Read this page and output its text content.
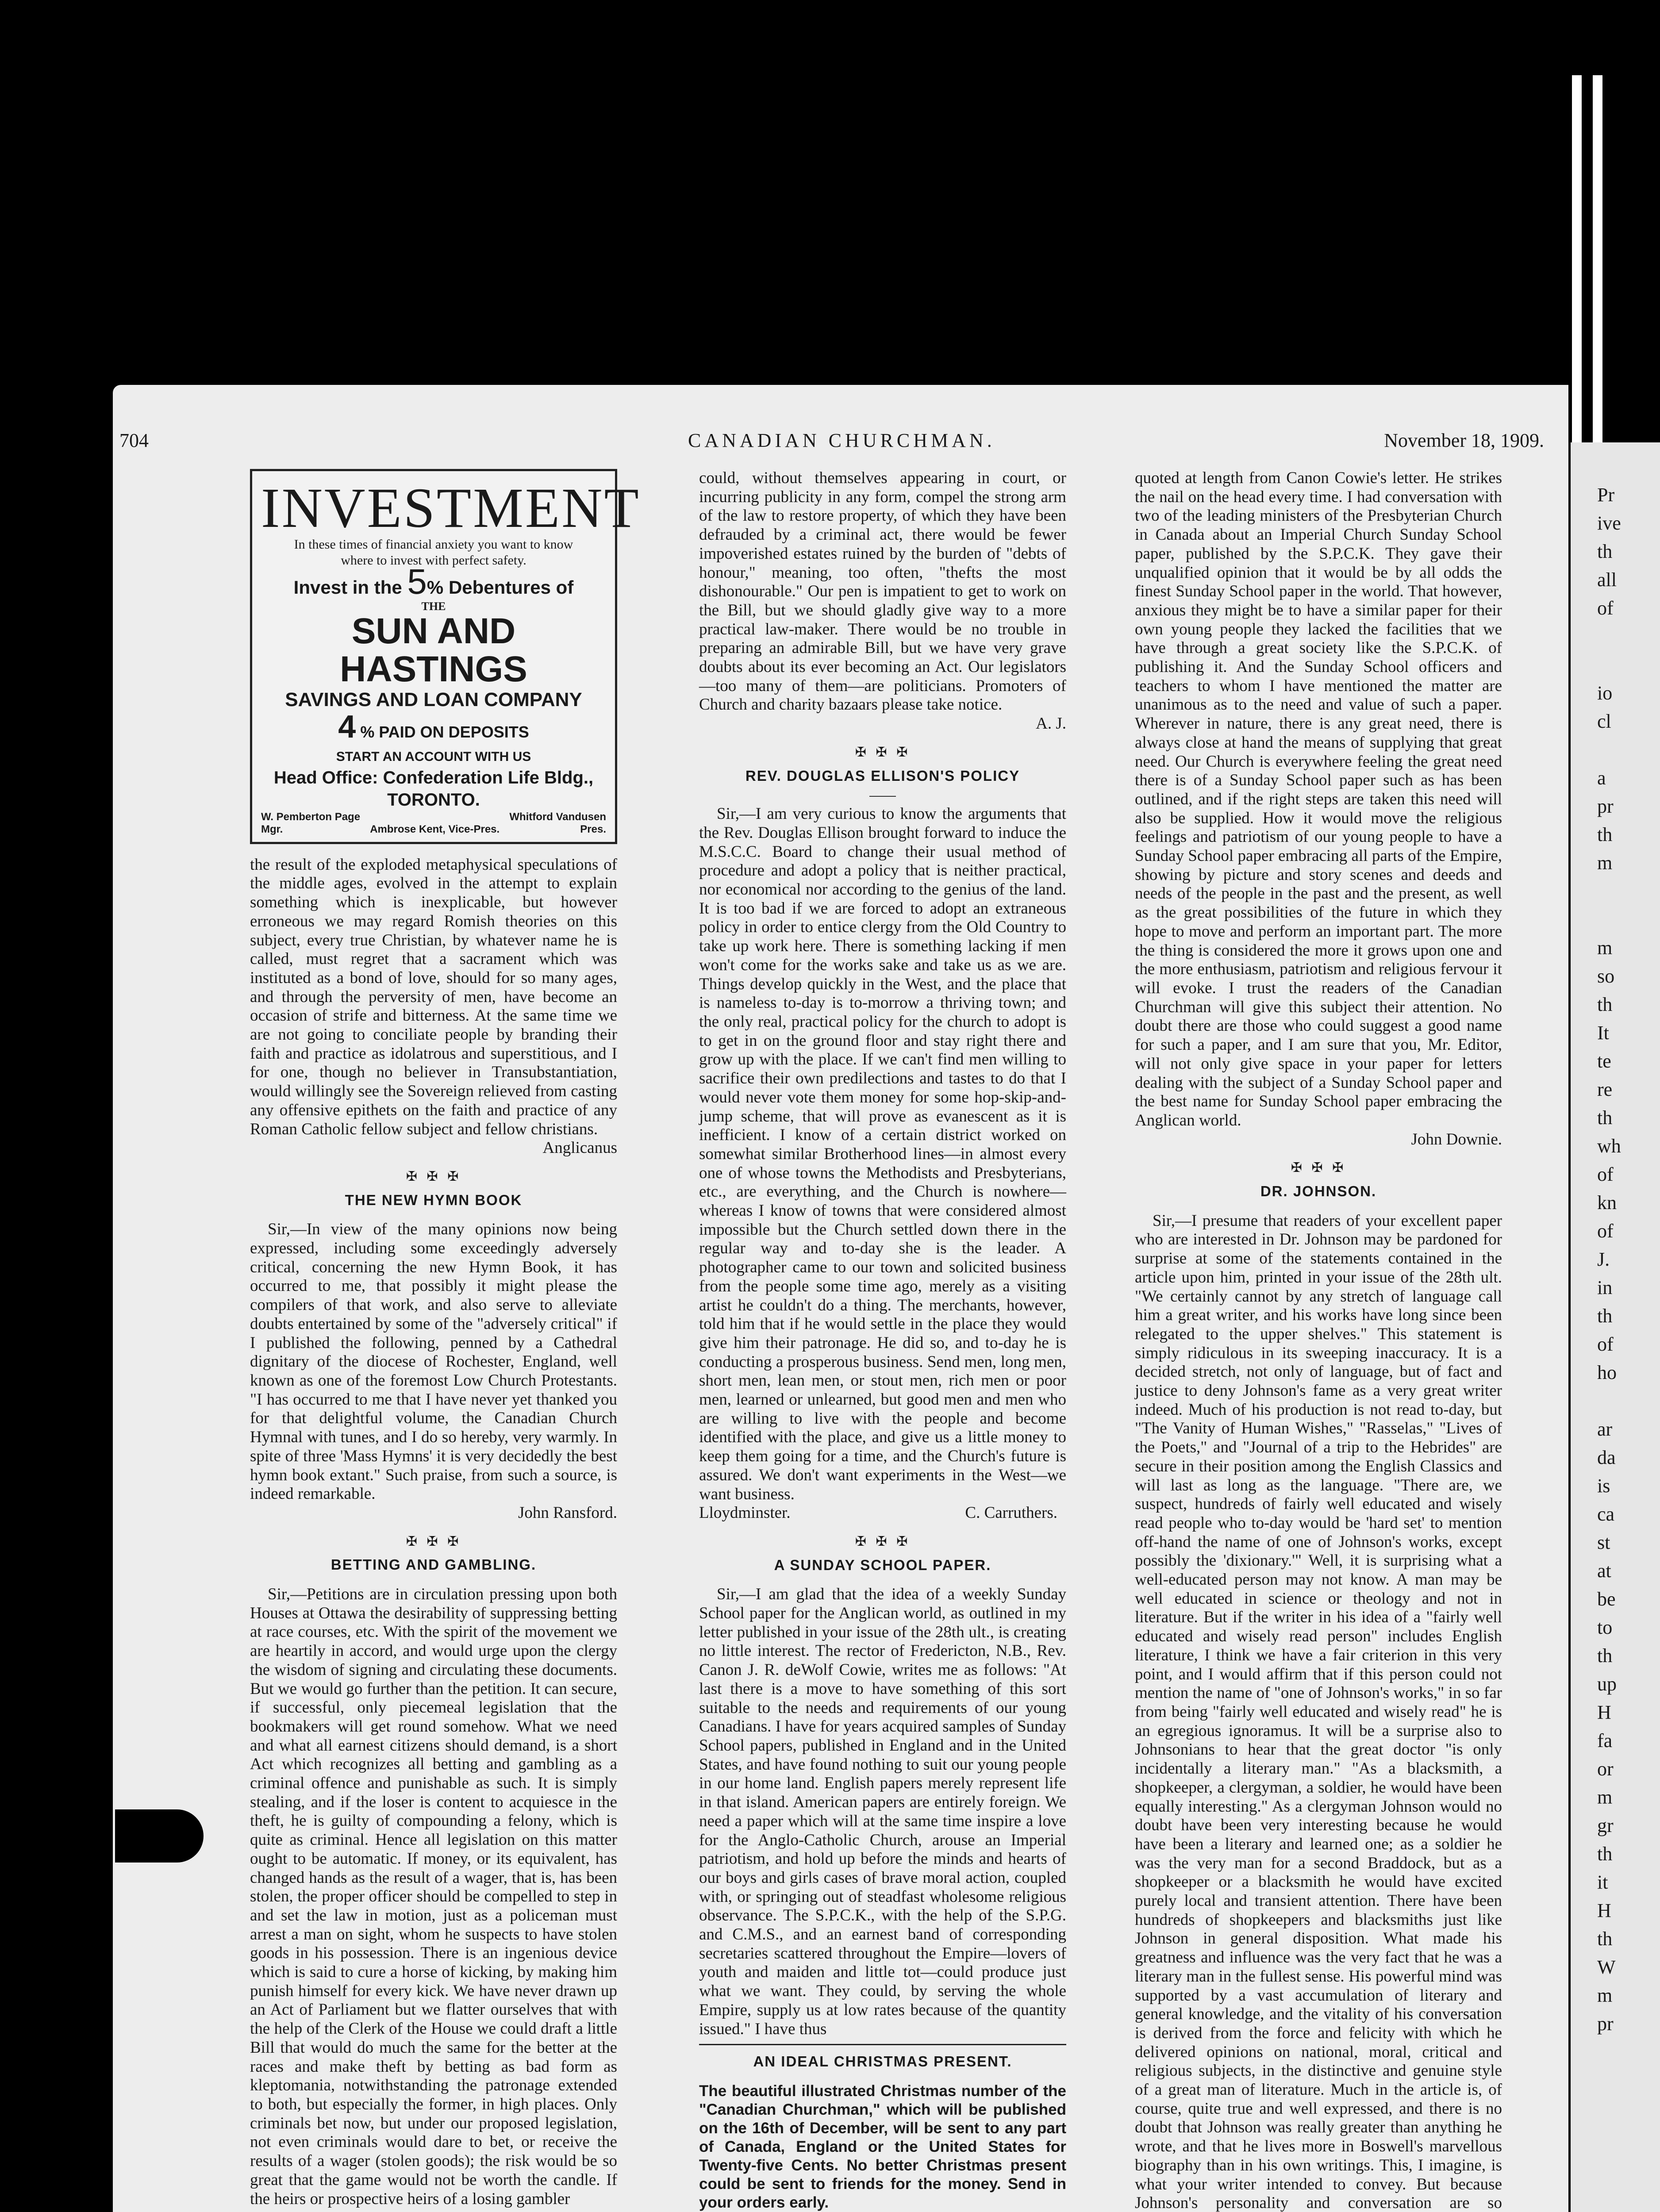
Pr
ive
th
all
of
io
cl
a
pr
th
m
m
so
th
It
te
re
th
wh
of
kn
of
J.
in
th
of
ho
ar
da
is
ca
st
at
be
to
th
up
H
fa
or
m
gr
th
it
H
th
W
m
pr
704	CANADIAN CHURCHMAN.	November 18, 1909.
INVESTMENT
In these times of financial anxiety you want to know
where to invest with perfect safety.
Invest in the 5% Debentures of
THE
SUN AND HASTINGS
SAVINGS AND LOAN COMPANY
4 % PAID ON DEPOSITS
START AN ACCOUNT WITH US
Head Office: Confederation Life Bldg., TORONTO.
W. Pemberton Page
Mgr.	Ambrose Kent, Vice-Pres.
Whitford Vandusen
Pres.

the result of the exploded metaphysical speculations of the middle ages, evolved in the attempt to explain something which is inexplicable, but however erroneous we may regard Romish theories on this subject, every true Christian, by whatever name he is called, must regret that a sacrament which was instituted as a bond of love, should for so many ages, and through the perversity of men, have become an occasion of strife and bitterness. At the same time we are not going to conciliate people by branding their faith and practice as idolatrous and superstitious, and I for one, though no believer in Transubstantiation, would willingly see the Sovereign relieved from casting any offensive epithets on the faith and practice of any Roman Catholic fellow subject and fellow christians.

Anglicanus

✠ ✠ ✠
THE NEW HYMN BOOK

Sir,—In view of the many opinions now being expressed, including some exceedingly adversely critical, concerning the new Hymn Book, it has occurred to me, that possibly it might please the compilers of that work, and also serve to alleviate doubts entertained by some of the "adversely critical" if I published the following, penned by a Cathedral dignitary of the diocese of Rochester, England, well known as one of the foremost Low Church Protestants. "I has occurred to me that I have never yet thanked you for that delightful volume, the Canadian Church Hymnal with tunes, and I do so hereby, very warmly. In spite of three 'Mass Hymns' it is very decidedly the best hymn book extant." Such praise, from such a source, is indeed remarkable.

John Ransford.

✠ ✠ ✠
BETTING AND GAMBLING.

Sir,—Petitions are in circulation pressing upon both Houses at Ottawa the desirability of suppressing betting at race courses, etc. With the spirit of the movement we are heartily in accord, and would urge upon the clergy the wisdom of signing and circulating these documents. But we would go further than the petition. It can secure, if successful, only piecemeal legislation that the bookmakers will get round somehow. What we need and what all earnest citizens should demand, is a short Act which recognizes all betting and gambling as a criminal offence and punishable as such. It is simply stealing, and if the loser is content to acquiesce in the theft, he is guilty of compounding a felony, which is quite as criminal. Hence all legislation on this matter ought to be automatic. If money, or its equivalent, has changed hands as the result of a wager, that is, has been stolen, the proper officer should be compelled to step in and set the law in motion, just as a policeman must arrest a man on sight, whom he suspects to have stolen goods in his possession. There is an ingenious device which is said to cure a horse of kicking, by making him punish himself for every kick. We have never drawn up an Act of Parliament but we flatter ourselves that with the help of the Clerk of the House we could draft a little Bill that would do much the same for the better at the races and make theft by betting as bad form as kleptomania, notwithstanding the patronage extended to both, but especially the former, in high places. Only criminals bet now, but under our proposed legislation, not even criminals would dare to bet, or receive the results of a wager (stolen goods); the risk would be so great that the game would not be worth the candle. If the heirs or prospective heirs of a losing gambler

could, without themselves appearing in court, or incurring publicity in any form, compel the strong arm of the law to restore property, of which they have been defrauded by a criminal act, there would be fewer impoverished estates ruined by the burden of "debts of honour," meaning, too often, "thefts the most dishonourable." Our pen is impatient to get to work on the Bill, but we should gladly give way to a more practical law-maker. There would be no trouble in preparing an admirable Bill, but we have very grave doubts about its ever becoming an Act. Our legislators—too many of them—are politicians. Promoters of Church and charity bazaars please take notice.

A. J.

✠ ✠ ✠
REV. DOUGLAS ELLISON'S POLICY

Sir,—I am very curious to know the arguments that the Rev. Douglas Ellison brought forward to induce the M.S.C.C. Board to change their usual method of procedure and adopt a policy that is neither practical, nor economical nor according to the genius of the land. It is too bad if we are forced to adopt an extraneous policy in order to entice clergy from the Old Country to take up work here. There is something lacking if men won't come for the works sake and take us as we are. Things develop quickly in the West, and the place that is nameless to-day is to-morrow a thriving town; and the only real, practical policy for the church to adopt is to get in on the ground floor and stay right there and grow up with the place. If we can't find men willing to sacrifice their own predilections and tastes to do that I would never vote them money for some hop-skip-and-jump scheme, that will prove as evanescent as it is inefficient. I know of a certain district worked on somewhat similar Brotherhood lines—in almost every one of whose towns the Methodists and Presbyterians, etc., are everything, and the Church is nowhere—whereas I know of towns that were considered almost impossible but the Church settled down there in the regular way and to-day she is the leader. A photographer came to our town and solicited business from the people some time ago, merely as a visiting artist he couldn't do a thing. The merchants, however, told him that if he would settle in the place they would give him their patronage. He did so, and to-day he is conducting a prosperous business. Send men, long men, short men, lean men, or stout men, rich men or poor men, learned or unlearned, but good men and men who are willing to live with the people and become identified with the place, and give us a little money to keep them going for a time, and the Church's future is assured. We don't want experiments in the West—we want business.

Lloydminster.	C. Carruthers.
✠ ✠ ✠
A SUNDAY SCHOOL PAPER.

Sir,—I am glad that the idea of a weekly Sunday School paper for the Anglican world, as outlined in my letter published in your issue of the 28th ult., is creating no little interest. The rector of Fredericton, N.B., Rev. Canon J. R. deWolf Cowie, writes me as follows: "At last there is a move to have something of this sort suitable to the needs and requirements of our young Canadians. I have for years acquired samples of Sunday School papers, published in England and in the United States, and have found nothing to suit our young people in our home land. English papers merely represent life in that island. American papers are entirely foreign. We need a paper which will at the same time inspire a love for the Anglo-Catholic Church, arouse an Imperial patriotism, and hold up before the minds and hearts of our boys and girls cases of brave moral action, coupled with, or springing out of steadfast wholesome religious observance. The S.P.C.K., with the help of the S.P.G. and C.M.S., and an earnest band of corresponding secretaries scattered throughout the Empire—lovers of youth and maiden and little tot—could produce just what we want. They could, by serving the whole Empire, supply us at low rates because of the quantity issued." I have thus

AN IDEAL CHRISTMAS PRESENT.
The beautiful illustrated Christmas number of the "Canadian Churchman," which will be published on the 16th of December, will be sent to any part of Canada, England or the United States for Twenty-five Cents. No better Christmas present could be sent to friends for the money. Send in your orders early.

quoted at length from Canon Cowie's letter. He strikes the nail on the head every time. I had conversation with two of the leading ministers of the Presbyterian Church in Canada about an Imperial Church Sunday School paper, published by the S.P.C.K. They gave their unqualified opinion that it would be by all odds the finest Sunday School paper in the world. That however, anxious they might be to have a similar paper for their own young people they lacked the facilities that we have through a great society like the S.P.C.K. of publishing it. And the Sunday School officers and teachers to whom I have mentioned the matter are unanimous as to the need and value of such a paper. Wherever in nature, there is any great need, there is always close at hand the means of supplying that great need. Our Church is everywhere feeling the great need there is of a Sunday School paper such as has been outlined, and if the right steps are taken this need will also be supplied. How it would move the religious feelings and patriotism of our young people to have a Sunday School paper embracing all parts of the Empire, showing by picture and story scenes and deeds and needs of the people in the past and the present, as well as the great possibilities of the future in which they hope to move and perform an important part. The more the thing is considered the more it grows upon one and the more enthusiasm, patriotism and religious fervour it will evoke. I trust the readers of the Canadian Churchman will give this subject their attention. No doubt there are those who could suggest a good name for such a paper, and I am sure that you, Mr. Editor, will not only give space in your paper for letters dealing with the subject of a Sunday School paper and the best name for Sunday School paper embracing the Anglican world.

John Downie.

✠ ✠ ✠
DR. JOHNSON.

Sir,—I presume that readers of your excellent paper who are interested in Dr. Johnson may be pardoned for surprise at some of the statements contained in the article upon him, printed in your issue of the 28th ult. "We certainly cannot by any stretch of language call him a great writer, and his works have long since been relegated to the upper shelves." This statement is simply ridiculous in its sweeping inaccuracy. It is a decided stretch, not only of language, but of fact and justice to deny Johnson's fame as a very great writer indeed. Much of his production is not read to-day, but "The Vanity of Human Wishes," "Rasselas," "Lives of the Poets," and "Journal of a trip to the Hebrides" are secure in their position among the English Classics and will last as long as the language. "There are, we suspect, hundreds of fairly well educated and wisely read people who to-day would be 'hard set' to mention off-hand the name of one of Johnson's works, except possibly the 'dixionary.'" Well, it is surprising what a well-educated person may not know. A man may be well educated in science or theology and not in literature. But if the writer in his idea of a "fairly well educated and wisely read person" includes English literature, I think we have a fair criterion in this very point, and I would affirm that if this person could not mention the name of "one of Johnson's works," in so far from being "fairly well educated and wisely read" he is an egregious ignoramus. It will be a surprise also to Johnsonians to hear that the great doctor "is only incidentally a literary man." "As a blacksmith, a shopkeeper, a clergyman, a soldier, he would have been equally interesting." As a clergyman Johnson would no doubt have been very interesting because he would have been a literary and learned one; as a soldier he was the very man for a second Braddock, but as a shopkeeper or a blacksmith he would have excited purely local and transient attention. There have been hundreds of shopkeepers and blacksmiths just like Johnson in general disposition. What made his greatness and influence was the very fact that he was a literary man in the fullest sense. His powerful mind was supported by a vast accumulation of literary and general knowledge, and the vitality of his conversation is derived from the force and felicity with which he delivered opinions on national, moral, critical and religious subjects, in the distinctive and genuine style of a great man of literature. Much in the article is, of course, quite true and well expressed, and there is no doubt that Johnson was really greater than anything he wrote, and that he lives more in Boswell's marvellous biography than in his own writings. This, I imagine, is what your writer intended to convey. But because Johnson's personality and conversation are so
